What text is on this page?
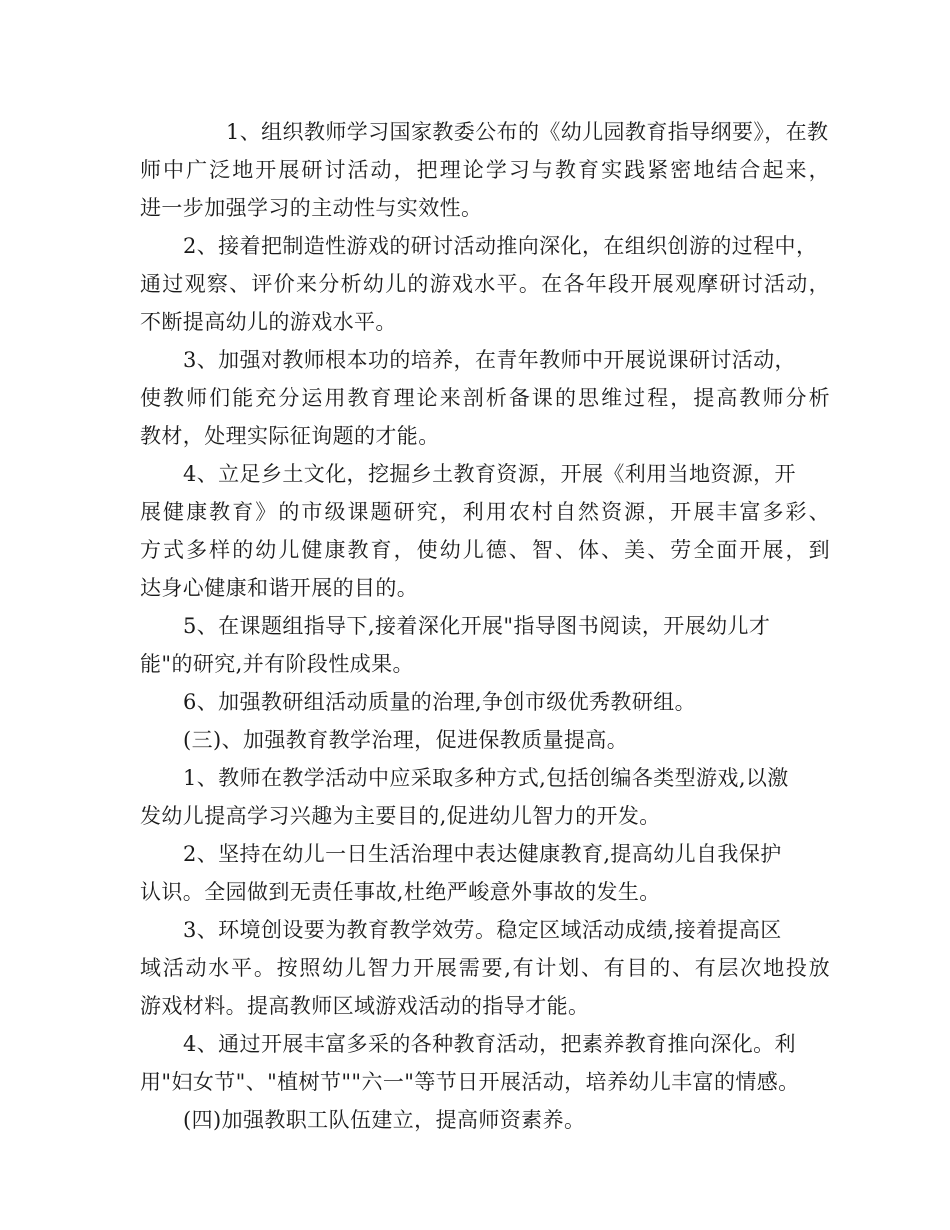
1、组织教师学习国家教委公布的《幼儿园教育指导纲要》，在教
师中广泛地开展研讨活动，把理论学习与教育实践紧密地结合起来，
进一步加强学习的主动性与实效性。
2、接着把制造性游戏的研讨活动推向深化，在组织创游的过程中，
通过观察、评价来分析幼儿的游戏水平。在各年段开展观摩研讨活动，
不断提高幼儿的游戏水平。
3、加强对教师根本功的培养，在青年教师中开展说课研讨活动，
使教师们能充分运用教育理论来剖析备课的思维过程，提高教师分析
教材，处理实际征询题的才能。
4、立足乡土文化，挖掘乡土教育资源，开展《利用当地资源，开
展健康教育》的市级课题研究，利用农村自然资源，开展丰富多彩、
方式多样的幼儿健康教育，使幼儿德、智、体、美、劳全面开展，到
达身心健康和谐开展的目的。
5、在课题组指导下,接着深化开展"指导图书阅读，开展幼儿才
能"的研究,并有阶段性成果。
6、加强教研组活动质量的治理,争创市级优秀教研组。
(三)、加强教育教学治理，促进保教质量提高。
1、教师在教学活动中应采取多种方式,包括创编各类型游戏,以激
发幼儿提高学习兴趣为主要目的,促进幼儿智力的开发。
2、坚持在幼儿一日生活治理中表达健康教育,提高幼儿自我保护
认识。全园做到无责任事故,杜绝严峻意外事故的发生。
3、环境创设要为教育教学效劳。稳定区域活动成绩,接着提高区
域活动水平。按照幼儿智力开展需要,有计划、有目的、有层次地投放
游戏材料。提高教师区域游戏活动的指导才能。
4、通过开展丰富多采的各种教育活动，把素养教育推向深化。利
用"妇女节"、"植树节""六一"等节日开展活动，培养幼儿丰富的情感。
(四)加强教职工队伍建立，提高师资素养。
